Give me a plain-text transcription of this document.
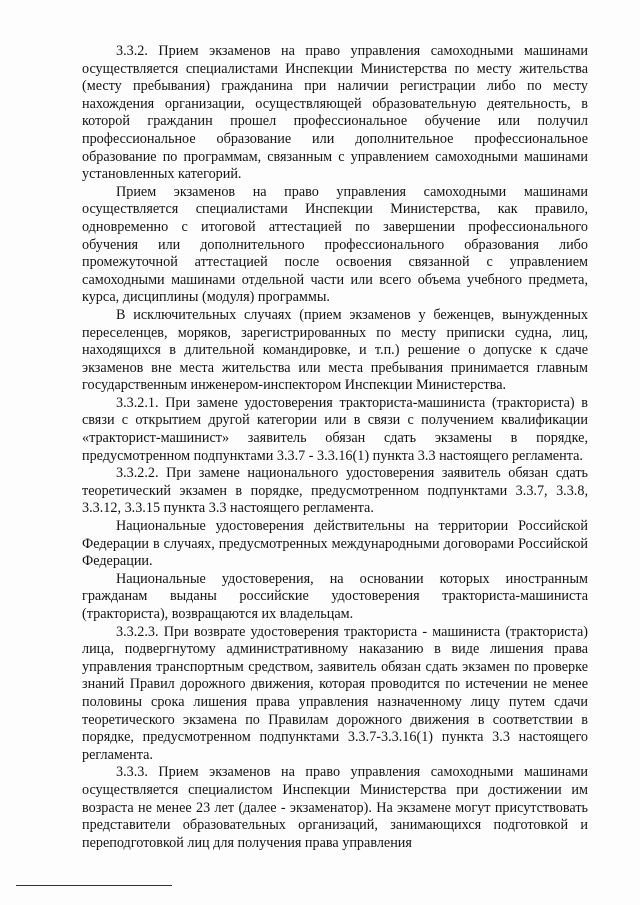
3.3.2. Прием экзаменов на право управления самоходными машинами осуществляется специалистами Инспекции Министерства по месту жительства (месту пребывания) гражданина при наличии регистрации либо по месту нахождения организации, осуществляющей образовательную деятельность, в которой гражданин прошел профессиональное обучение или получил профессиональное образование или дополнительное профессиональное образование по программам, связанным с управлением самоходными машинами установленных категорий.

Прием экзаменов на право управления самоходными машинами осуществляется специалистами Инспекции Министерства, как правило, одновременно с итоговой аттестацией по завершении профессионального обучения или дополнительного профессионального образования либо промежуточной аттестацией после освоения связанной с управлением самоходными машинами отдельной части или всего объема учебного предмета, курса, дисциплины (модуля) программы.

В исключительных случаях (прием экзаменов у беженцев, вынужденных переселенцев, моряков, зарегистрированных по месту приписки судна, лиц, находящихся в длительной командировке, и т.п.) решение о допуске к сдаче экзаменов вне места жительства или места пребывания принимается главным государственным инженером-инспектором Инспекции Министерства.

3.3.2.1. При замене удостоверения тракториста-машиниста (тракториста) в связи с открытием другой категории или в связи с получением квалификации «тракторист-машинист» заявитель обязан сдать экзамены в порядке, предусмотренном подпунктами 3.3.7 - 3.3.16(1) пункта 3.3 настоящего регламента.

3.3.2.2. При замене национального удостоверения заявитель обязан сдать теоретический экзамен в порядке, предусмотренном подпунктами 3.3.7, 3.3.8, 3.3.12, 3.3.15 пункта 3.3 настоящего регламента.

Национальные удостоверения действительны на территории Российской Федерации в случаях, предусмотренных международными договорами Российской Федерации.

Национальные удостоверения, на основании которых иностранным гражданам выданы российские удостоверения тракториста-машиниста (тракториста), возвращаются их владельцам.

3.3.2.3. При возврате удостоверения тракториста - машиниста (тракториста) лица, подвергнутому административному наказанию в виде лишения права управления транспортным средством, заявитель обязан сдать экзамен по проверке знаний Правил дорожного движения, которая проводится по истечении не менее половины срока лишения права управления назначенному лицу путем сдачи теоретического экзамена по Правилам дорожного движения в соответствии в порядке, предусмотренном подпунктами 3.3.7-3.3.16(1) пункта 3.3 настоящего регламента.

3.3.3. Прием экзаменов на право управления самоходными машинами осуществляется специалистом Инспекции Министерства при достижении им возраста не менее 23 лет (далее - экзаменатор). На экзамене могут присутствовать представители образовательных организаций, занимающихся подготовкой и переподготовкой лиц для получения права управления
